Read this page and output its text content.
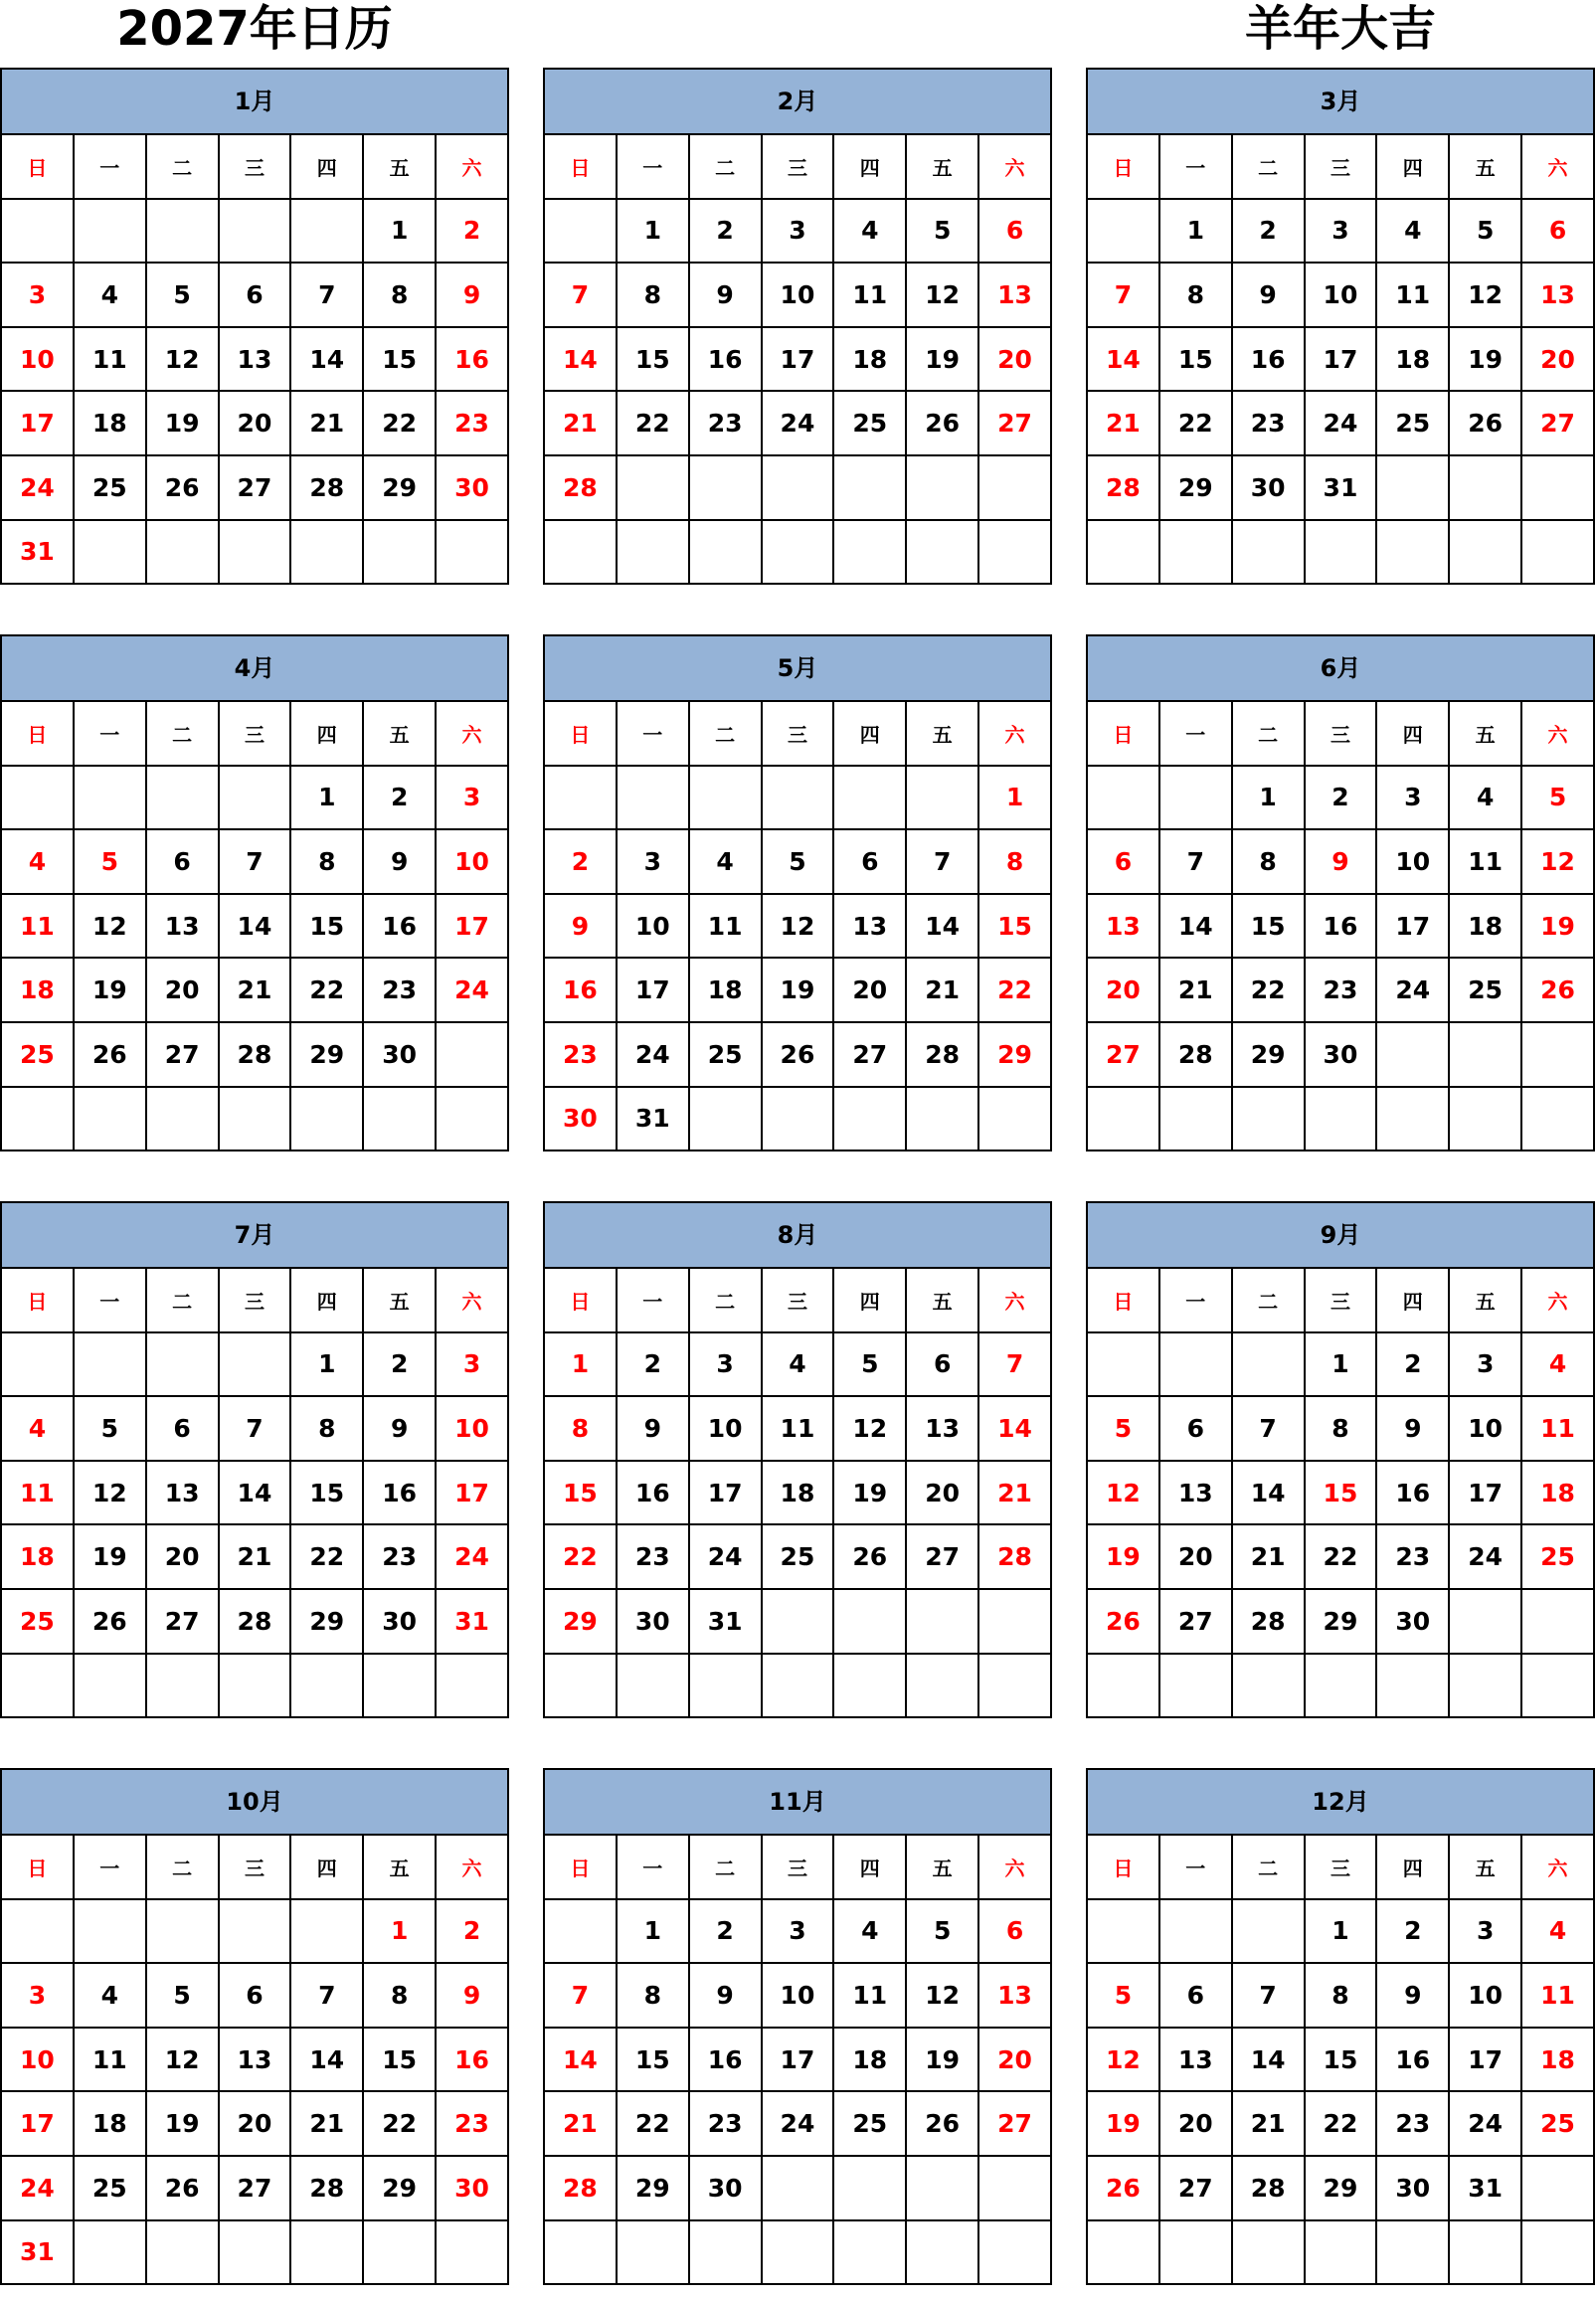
2027年日历	羊年大吉
1月
日	一	二	三	四	五	六
					1	2
3	4	5	6	7	8	9
10	11	12	13	14	15	16
17	18	19	20	21	22	23
24	25	26	27	28	29	30
31						
2月
日	一	二	三	四	五	六
	1	2	3	4	5	6
7	8	9	10	11	12	13
14	15	16	17	18	19	20
21	22	23	24	25	26	27
28						

3月
日	一	二	三	四	五	六
	1	2	3	4	5	6
7	8	9	10	11	12	13
14	15	16	17	18	19	20
21	22	23	24	25	26	27
28	29	30	31			

4月
日	一	二	三	四	五	六
				1	2	3
4	5	6	7	8	9	10
11	12	13	14	15	16	17
18	19	20	21	22	23	24
25	26	27	28	29	30	

5月
日	一	二	三	四	五	六
						1
2	3	4	5	6	7	8
9	10	11	12	13	14	15
16	17	18	19	20	21	22
23	24	25	26	27	28	29
30	31					
6月
日	一	二	三	四	五	六
		1	2	3	4	5
6	7	8	9	10	11	12
13	14	15	16	17	18	19
20	21	22	23	24	25	26
27	28	29	30			

7月
日	一	二	三	四	五	六
				1	2	3
4	5	6	7	8	9	10
11	12	13	14	15	16	17
18	19	20	21	22	23	24
25	26	27	28	29	30	31

8月
日	一	二	三	四	五	六
1	2	3	4	5	6	7
8	9	10	11	12	13	14
15	16	17	18	19	20	21
22	23	24	25	26	27	28
29	30	31				

9月
日	一	二	三	四	五	六
			1	2	3	4
5	6	7	8	9	10	11
12	13	14	15	16	17	18
19	20	21	22	23	24	25
26	27	28	29	30		

10月
日	一	二	三	四	五	六
					1	2
3	4	5	6	7	8	9
10	11	12	13	14	15	16
17	18	19	20	21	22	23
24	25	26	27	28	29	30
31						
11月
日	一	二	三	四	五	六
	1	2	3	4	5	6
7	8	9	10	11	12	13
14	15	16	17	18	19	20
21	22	23	24	25	26	27
28	29	30				

12月
日	一	二	三	四	五	六
			1	2	3	4
5	6	7	8	9	10	11
12	13	14	15	16	17	18
19	20	21	22	23	24	25
26	27	28	29	30	31	
